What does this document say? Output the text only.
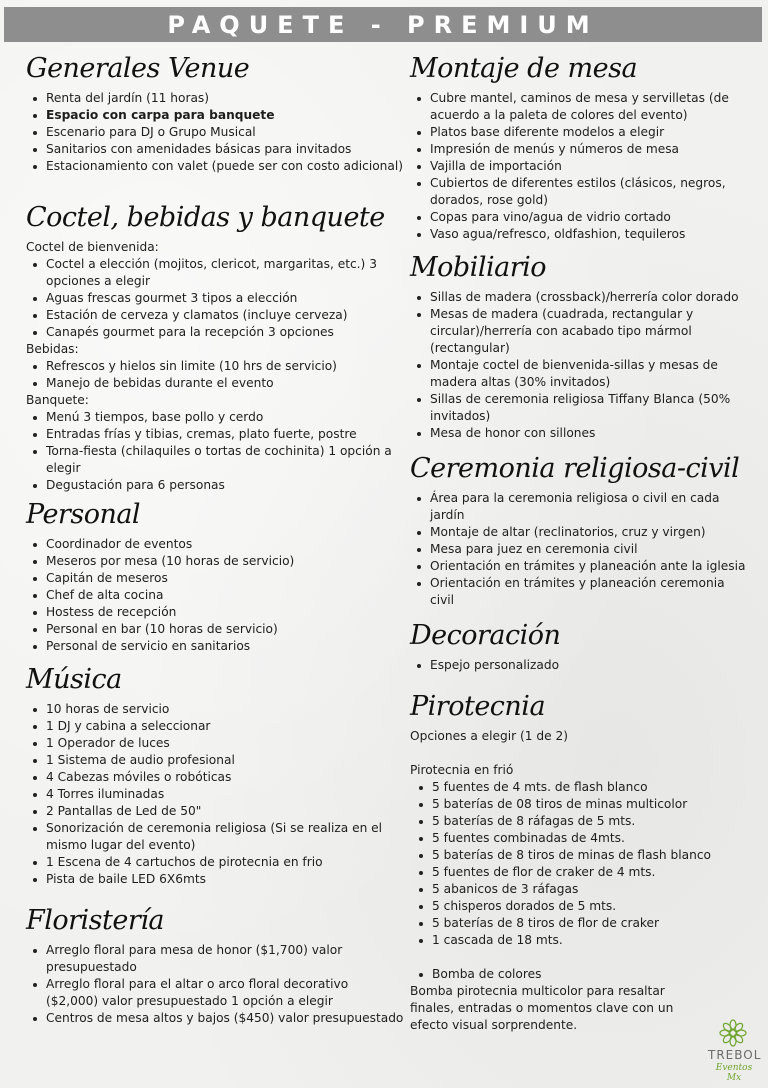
PAQUETE - PREMIUM
Generales Venue
Renta del jardín (11 horas)
Espacio con carpa para banquete
Escenario para DJ o Grupo Musical
Sanitarios con amenidades básicas para invitados
Estacionamiento con valet (puede ser con costo adicional)
Coctel, bebidas y banquete
Coctel de bienvenida:
Coctel a elección (mojitos, clericot, margaritas, etc.) 3 opciones a elegir
Aguas frescas gourmet 3 tipos a elección
Estación de cerveza y clamatos (incluye cerveza)
Canapés gourmet para la recepción 3 opciones
Bebidas:
Refrescos y hielos sin limite (10 hrs de servicio)
Manejo de bebidas durante el evento
Banquete:
Menú 3 tiempos, base pollo y cerdo
Entradas frías y tibias, cremas, plato fuerte, postre
Torna-fiesta (chilaquiles o tortas de cochinita) 1 opción a elegir
Degustación para 6 personas
Personal
Coordinador de eventos
Meseros por mesa (10 horas de servicio)
Capitán de meseros
Chef de alta cocina
Hostess de recepción
Personal en bar (10 horas de servicio)
Personal de servicio en sanitarios
Música
10 horas de servicio
1 DJ y cabina a seleccionar
1 Operador de luces
1 Sistema de audio profesional
4 Cabezas móviles o robóticas
4 Torres iluminadas
2 Pantallas de Led de 50"
Sonorización de ceremonia religiosa (Si se realiza en el mismo lugar del evento)
1 Escena de 4 cartuchos de pirotecnia en frio
Pista de baile LED 6X6mts
Floristería
Arreglo floral para mesa de honor ($1,700) valor presupuestado
Arreglo floral para el altar o arco floral decorativo ($2,000) valor presupuestado 1 opción a elegir
Centros de mesa altos y bajos ($450) valor presupuestado
Montaje de mesa
Cubre mantel, caminos de mesa y servilletas (de acuerdo a la paleta de colores del evento)
Platos base diferente modelos a elegir
Impresión de menús y números de mesa
Vajilla de importación
Cubiertos de diferentes estilos (clásicos, negros, dorados, rose gold)
Copas para vino/agua de vidrio cortado
Vaso agua/refresco, oldfashion, tequileros
Mobiliario
Sillas de madera (crossback)/herrería color dorado
Mesas de madera (cuadrada, rectangular y circular)/herrería con acabado tipo mármol (rectangular)
Montaje coctel de bienvenida-sillas y mesas de madera altas (30% invitados)
Sillas de ceremonia religiosa Tiffany Blanca (50% invitados)
Mesa de honor con sillones
Ceremonia religiosa-civil
Área para la ceremonia religiosa o civil en cada jardín
Montaje de altar (reclinatorios, cruz y virgen)
Mesa para juez en ceremonia civil
Orientación en trámites y planeación ante la iglesia
Orientación en trámites y planeación ceremonia civil
Decoración
Espejo personalizado
Pirotecnia
Opciones a elegir (1 de 2)
Pirotecnia en frió
5 fuentes de 4 mts. de flash blanco
5 baterías de 08 tiros de minas multicolor
5 baterías de 8 ráfagas de 5 mts.
5 fuentes combinadas de 4mts.
5 baterías de 8 tiros de minas de flash blanco
5 fuentes de flor de craker de 4 mts.
5 abanicos de 3 ráfagas
5 chisperos dorados de 5 mts.
5 baterías de 8 tiros de flor de craker
1 cascada de 18 mts.
Bomba de colores
Bomba pirotecnia multicolor para resaltar finales, entradas o momentos clave con un efecto visual sorprendente.
TREBOL
Eventos Mx
